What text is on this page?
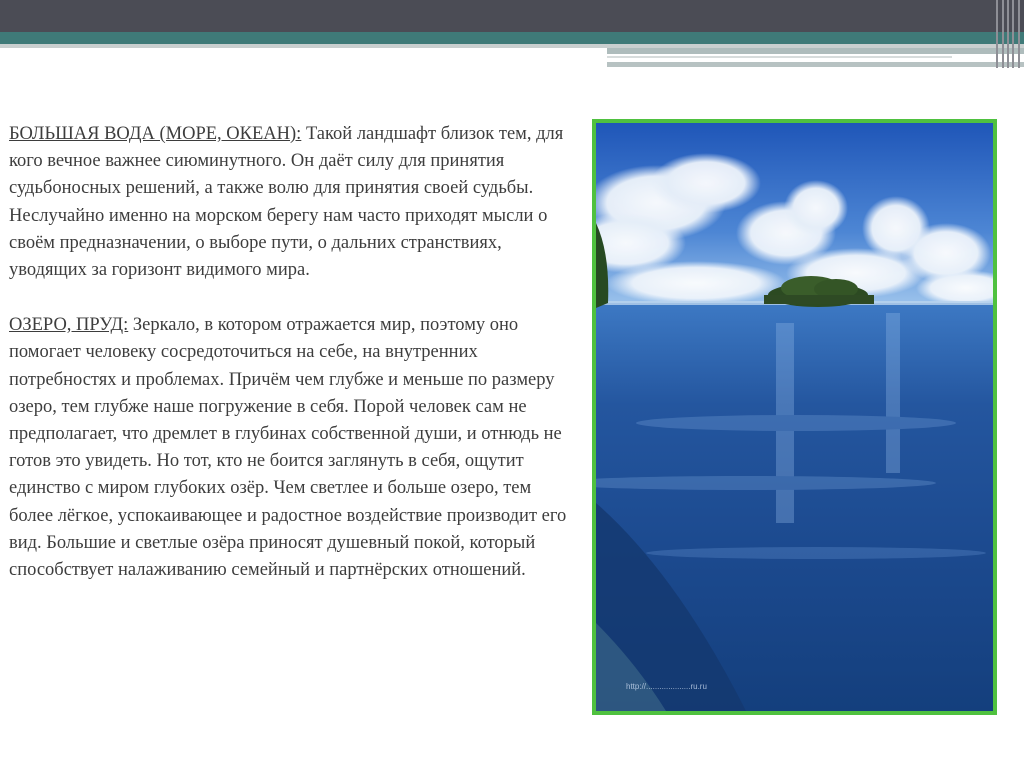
БОЛЬШАЯ ВОДА (МОРЕ, ОКЕАН): Такой ландшафт близок тем, для кого вечное важнее сиюминутного. Он даёт силу для принятия судьбоносных решений, а также волю для принятия своей судьбы. Неслучайно именно на морском берегу нам часто приходят мысли о своём предназначении, о выборе пути, о дальних странствиях, уводящих за горизонт видимого мира.

ОЗЕРО, ПРУД: Зеркало, в котором отражается мир, поэтому оно помогает человеку сосредоточиться на себе, на внутренних потребностях и проблемах. Причём чем глубже и меньше по размеру озеро, тем глубже наше погружение в себя. Порой человек сам не предполагает, что дремлет в глубинах собственной души, и отнюдь не готов это увидеть. Но тот, кто не боится заглянуть в себя, ощутит единство с миром глубоких озёр. Чем светлее и больше озеро, тем более лёгкое, успокаивающее и радостное воздействие производит его вид. Большие и светлые озёра приносят душевный покой, который способствует налаживанию семейный и партнёрских отношений.

http://....................ru.ru
